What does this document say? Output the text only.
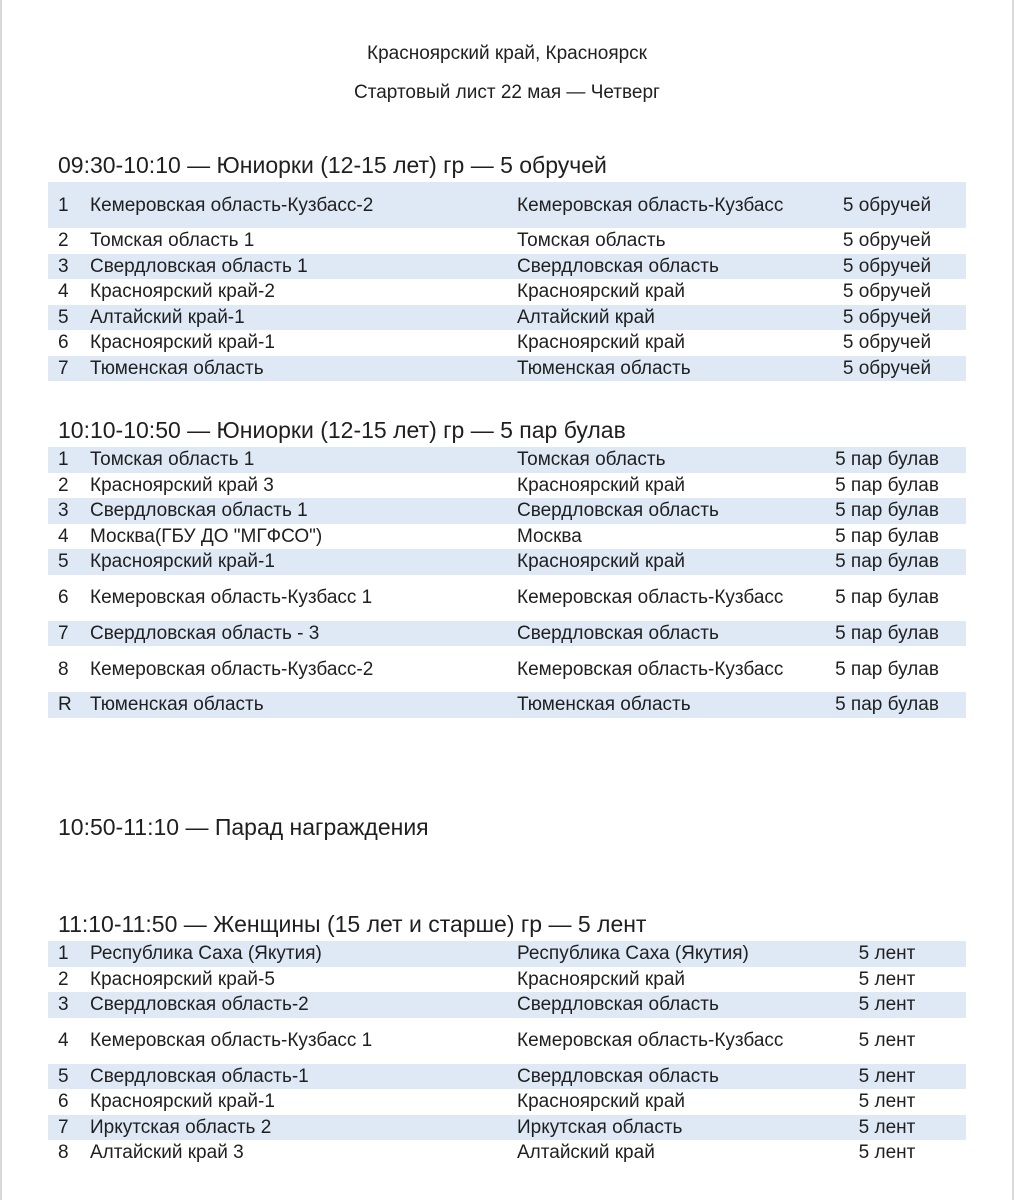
Красноярский край, Красноярск
Стартовый лист 22 мая — Четверг
09:30-10:10 — Юниорки (12-15 лет) гр — 5 обручей
1	Кемеровская область-Кузбасс-2	Кемеровская область-Кузбасс	5 обручей
2	Томская область 1	Томская область	5 обручей
3	Свердловская область 1	Свердловская область	5 обручей
4	Красноярский край-2	Красноярский край	5 обручей
5	Алтайский край-1	Алтайский край	5 обручей
6	Красноярский край-1	Красноярский край	5 обручей
7	Тюменская область	Тюменская область	5 обручей
10:10-10:50 — Юниорки (12-15 лет) гр — 5 пар булав
1	Томская область 1	Томская область	5 пар булав
2	Красноярский край 3	Красноярский край	5 пар булав
3	Свердловская область 1	Свердловская область	5 пар булав
4	Москва(ГБУ ДО "МГФСО")	Москва	5 пар булав
5	Красноярский край-1	Красноярский край	5 пар булав
6	Кемеровская область-Кузбасс 1	Кемеровская область-Кузбасс	5 пар булав
7	Свердловская область - 3	Свердловская область	5 пар булав
8	Кемеровская область-Кузбасс-2	Кемеровская область-Кузбасс	5 пар булав
R Тюменская область	Тюменская область	5 пар булав
10:50-11:10 — Парад награждения
11:10-11:50 — Женщины (15 лет и старше) гр — 5 лент
1	Республика Саха (Якутия)	Республика Саха (Якутия)	5 лент
2	Красноярский край-5	Красноярский край	5 лент
3	Свердловская область-2	Свердловская область	5 лент
4	Кемеровская область-Кузбасс 1	Кемеровская область-Кузбасс	5 лент
5	Свердловская область-1	Свердловская область	5 лент
6	Красноярский край-1	Красноярский край	5 лент
7	Иркутская область 2	Иркутская область	5 лент
8	Алтайский край 3	Алтайский край	5 лент
